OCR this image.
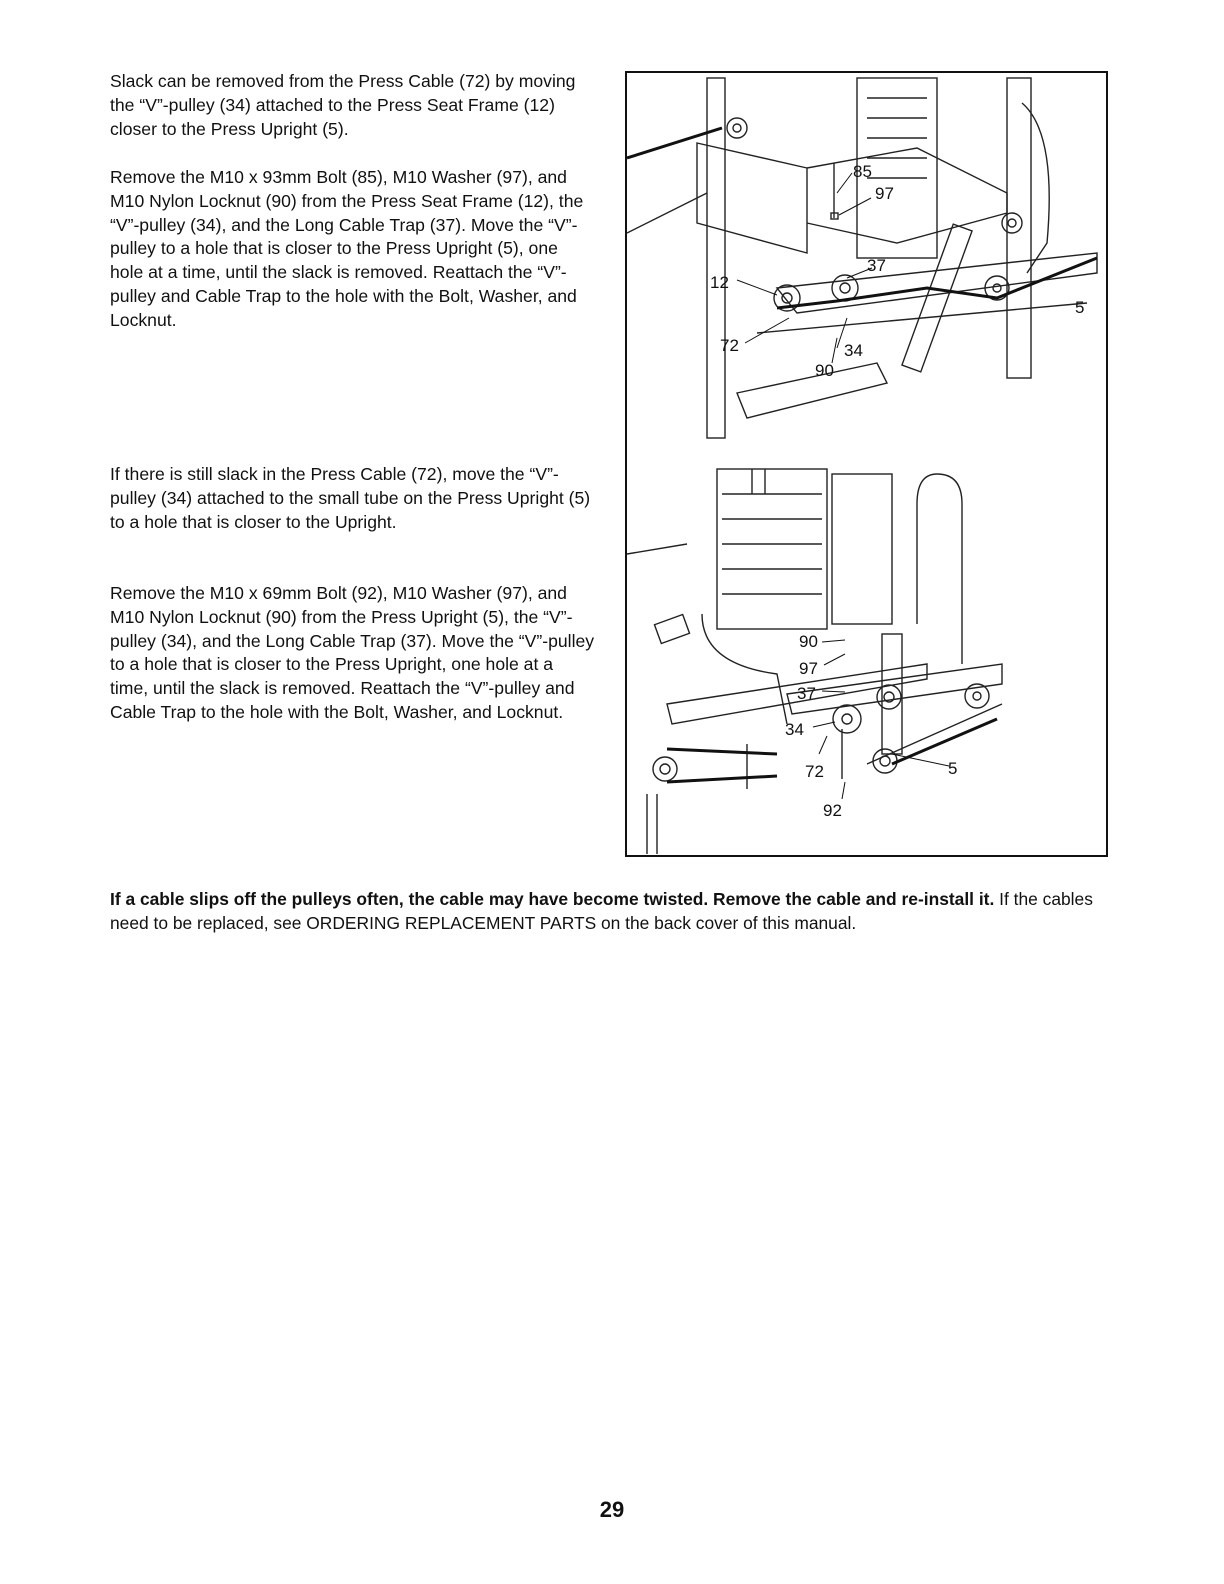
Slack can be removed from the Press Cable (72) by moving the “V”-pulley (34) attached to the Press Seat Frame (12) closer to the Press Upright (5).

Remove the M10 x 93mm Bolt (85), M10 Washer (97), and M10 Nylon Locknut (90) from the Press Seat Frame (12), the “V”-pulley (34), and the Long Cable Trap (37). Move the “V”-pulley to a hole that is closer to the Press Upright (5), one hole at a time, until the slack is removed. Reattach the “V”-pulley and Cable Trap to the hole with the Bolt, Washer, and Locknut.

If there is still slack in the Press Cable (72), move the “V”-pulley (34) attached to the small tube on the Press Upright (5) to a hole that is closer to the Upright.

Remove the M10 x 69mm Bolt (92), M10 Washer (97), and M10 Nylon Locknut (90) from the Press Upright (5), the “V”-pulley (34), and the Long Cable Trap (37). Move the “V”-pulley to a hole that is closer to the Press Upright, one hole at a time, until the slack is removed. Reattach the “V”-pulley and Cable Trap to the hole with the Bolt, Washer, and Locknut.

85
97
37
12
5
72	34
90
90
97
37
34
72	5
92

If a cable slips off the pulleys often, the cable may have become twisted. Remove the cable and re-install it. If the cables need to be replaced, see ORDERING REPLACEMENT PARTS on the back cover of this manual.

29
